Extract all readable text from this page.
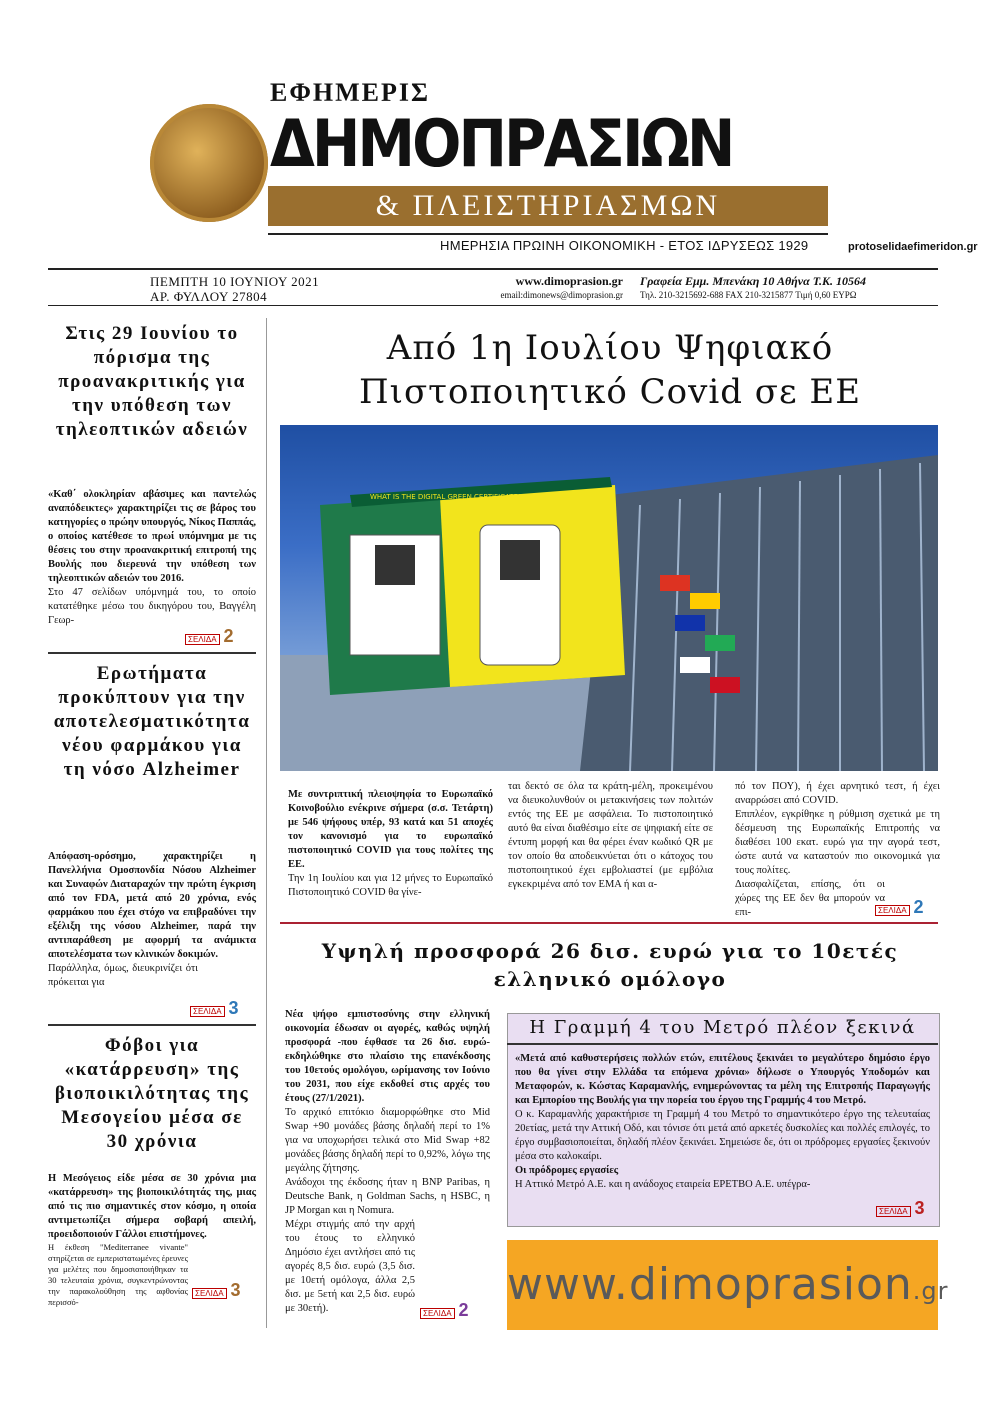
ΕΦΗΜΕΡΙΣ
ΔΗΜΟΠΡΑΣΙΩΝ
& ΠΛΕΙΣΤΗΡΙΑΣΜΩΝ
ΗΜΕΡΗΣΙΑ ΠΡΩΙΝΗ ΟΙΚΟΝΟΜΙΚΗ - ΕΤΟΣ ΙΔΡΥΣΕΩΣ 1929	protoselidaefimeridon.gr
ΠΕΜΠΤΗ 10 ΙΟΥΝΙΟΥ 2021
ΑΡ. ΦΥΛΛΟΥ 27804
www.dimoprasion.gr
email:dimonews@dimoprasion.gr
Γραφεία Εμμ. Μπενάκη 10 Αθήνα Τ.Κ. 10564
Τηλ. 210-3215692-688 FAX 210-3215877 Τιμή 0,60 ΕΥΡΩ
Στις 29 Ιουνίου το πόρισμα της προανακριτικής για την υπόθεση των τηλεοπτικών αδειών
«Καθ΄ ολοκληρίαν αβάσιμες και παντελώς αναπόδεικτες» χαρακτηρίζει τις σε βάρος του κατηγορίες ο πρώην υπουργός, Νίκος Παππάς, ο οποίος κατέθεσε το πρωί υπόμνημα με τις θέσεις του στην προανακριτική επιτροπή της Βουλής που διερευνά την υπόθεση των τηλεοπτικών αδειών του 2016.
Στο 47 σελίδων υπόμνημά του, το οποίο κατατέθηκε μέσω του δικηγόρου του, Βαγγέλη Γεωρ-
ΣΕΛΙΔΑ 2
Ερωτήματα προκύπτουν για την αποτελεσματικότητα νέου φαρμάκου για τη νόσο Alzheimer
Απόφαση-ορόσημο, χαρακτηρίζει η Πανελλήνια Ομοσπονδία Νόσου Alzheimer και Συναφών Διαταραχών την πρώτη έγκριση από τον FDA, μετά από 20 χρόνια, ενός φαρμάκου που έχει στόχο να επιβραδύνει την εξέλιξη της νόσου Alzheimer, παρά την αντιπαράθεση με αφορμή τα ανάμικτα αποτελέσματα των κλινικών δοκιμών.
Παράλληλα, όμως, διευκρινίζει ότι πρόκειται για
ΣΕΛΙΔΑ 3
Φόβοι για «κατάρρευση» της βιοποικιλότητας της Μεσογείου μέσα σε 30 χρόνια
Η Μεσόγειος είδε μέσα σε 30 χρόνια μια «κατάρρευση» της βιοποικιλότητάς της, μιας από τις πιο σημαντικές στον κόσμο, η οποία αντιμετωπίζει σήμερα σοβαρή απειλή, προειδοποιούν Γάλλοι επιστήμονες.
Η έκθεση "Mediterranee vivante" στηρίζεται σε εμπεριστατωμένες έρευνες για μελέτες που δημοσιοποιήθηκαν τα 30 τελευταία χρόνια, συγκεντρώνοντας την παρακολούθηση της αφθονίας περισσό-
ΣΕΛΙΔΑ 3
Από 1η Ιουλίου Ψηφιακό Πιστοποιητικό Covid σε ΕΕ
WHAT IS THE DIGITAL GREEN CERTIFICATE?
Με συντριπτική πλειοψηφία το Ευρωπαϊκό Κοινοβούλιο ενέκρινε σήμερα (σ.σ. Τετάρτη) με 546 ψήφους υπέρ, 93 κατά και 51 αποχές τον κανονισμό για το ευρωπαϊκό πιστοποιητικό COVID για τους πολίτες της ΕΕ.
Την 1η Ιουλίου και για 12 μήνες το Ευρωπαϊκό Πιστοποιητικό COVID θα γίνε-
ται δεκτό σε όλα τα κράτη-μέλη, προκειμένου να διευκολυνθούν οι μετακινήσεις των πολιτών εντός της ΕΕ με ασφάλεια. Το πιστοποιητικό αυτό θα είναι διαθέσιμο είτε σε ψηφιακή είτε σε έντυπη μορφή και θα φέρει έναν κωδικό QR με τον οποίο θα αποδεικνύεται ότι ο κάτοχος του πιστοποιητικού έχει εμβολιαστεί (με εμβόλια εγκεκριμένα από τον ΕΜΑ ή και α-
πό τον ΠΟΥ), ή έχει αρνητικό τεστ, ή έχει αναρρώσει από COVID.
Επιπλέον, εγκρίθηκε η ρύθμιση σχετικά με τη δέσμευση της Ευρωπαϊκής Επιτροπής να διαθέσει 100 εκατ. ευρώ για την αγορά τεστ, ώστε αυτά να καταστούν πιο οικονομικά για τους πολίτες.
Διασφαλίζεται, επίσης, ότι οι χώρες της ΕΕ δεν θα μπορούν να επι-	ΣΕΛΙΔΑ 2
Υψηλή προσφορά 26 δισ. ευρώ για το 10ετές ελληνικό ομόλογο
Νέα ψήφο εμπιστοσύνης στην ελληνική οικονομία έδωσαν οι αγορές, καθώς υψηλή προσφορά -που έφθασε τα 26 δισ. ευρώ- εκδηλώθηκε στο πλαίσιο της επανέκδοσης του 10ετούς ομολόγου, ωρίμανσης τον Ιούνιο του 2031, που είχε εκδοθεί στις αρχές του έτους (27/1/2021).
Το αρχικό επιτόκιο διαμορφώθηκε στο Mid Swap +90 μονάδες βάσης δηλαδή περί το 1% για να υποχωρήσει τελικά στο Mid Swap +82 μονάδες βάσης δηλαδή περί το 0,92%, λόγω της μεγάλης ζήτησης.
Ανάδοχοι της έκδοσης ήταν η BNP Paribas, η Deutsche Bank, η Goldman Sachs, η HSBC, η JP Morgan και η Nomura.
Μέχρι στιγμής από την αρχή του έτους το ελληνικό Δημόσιο έχει αντλήσει από τις αγορές 8,5 δισ. ευρώ (3,5 δισ. με 10ετή ομόλογα, άλλα 2,5 δισ. με 5ετή και 2,5 δισ. ευρώ με 30ετή).	ΣΕΛΙΔΑ 2
Η Γραμμή 4 του Μετρό πλέον ξεκινά
«Μετά από καθυστερήσεις πολλών ετών, επιτέλους ξεκινάει το μεγαλύτερο δημόσιο έργο που θα γίνει στην Ελλάδα τα επόμενα χρόνια» δήλωσε ο Υπουργός Υποδομών και Μεταφορών, κ. Κώστας Καραμανλής, ενημερώνοντας τα μέλη της Επιτροπής Παραγωγής και Εμπορίου της Βουλής για την πορεία του έργου της Γραμμής 4 του Μετρό.
Ο κ. Καραμανλής χαρακτήρισε τη Γραμμή 4 του Μετρό το σημαντικότερο έργο της τελευταίας 20ετίας, μετά την Αττική Οδό, και τόνισε ότι μετά από αρκετές δυσκολίες και πολλές επιλογές, το έργο συμβασιοποιείται, δηλαδή πλέον ξεκινάει. Σημειώσε δε, ότι οι πρόδρομες εργασίες ξεκινούν μέσα στο καλοκαίρι.
Οι πρόδρομες εργασίες
Η Αττικό Μετρό Α.Ε. και η ανάδοχος εταιρεία ΕΡΕΤΒΟ Α.Ε. υπέγρα-
ΣΕΛΙΔΑ 3
www.dimoprasion.gr
